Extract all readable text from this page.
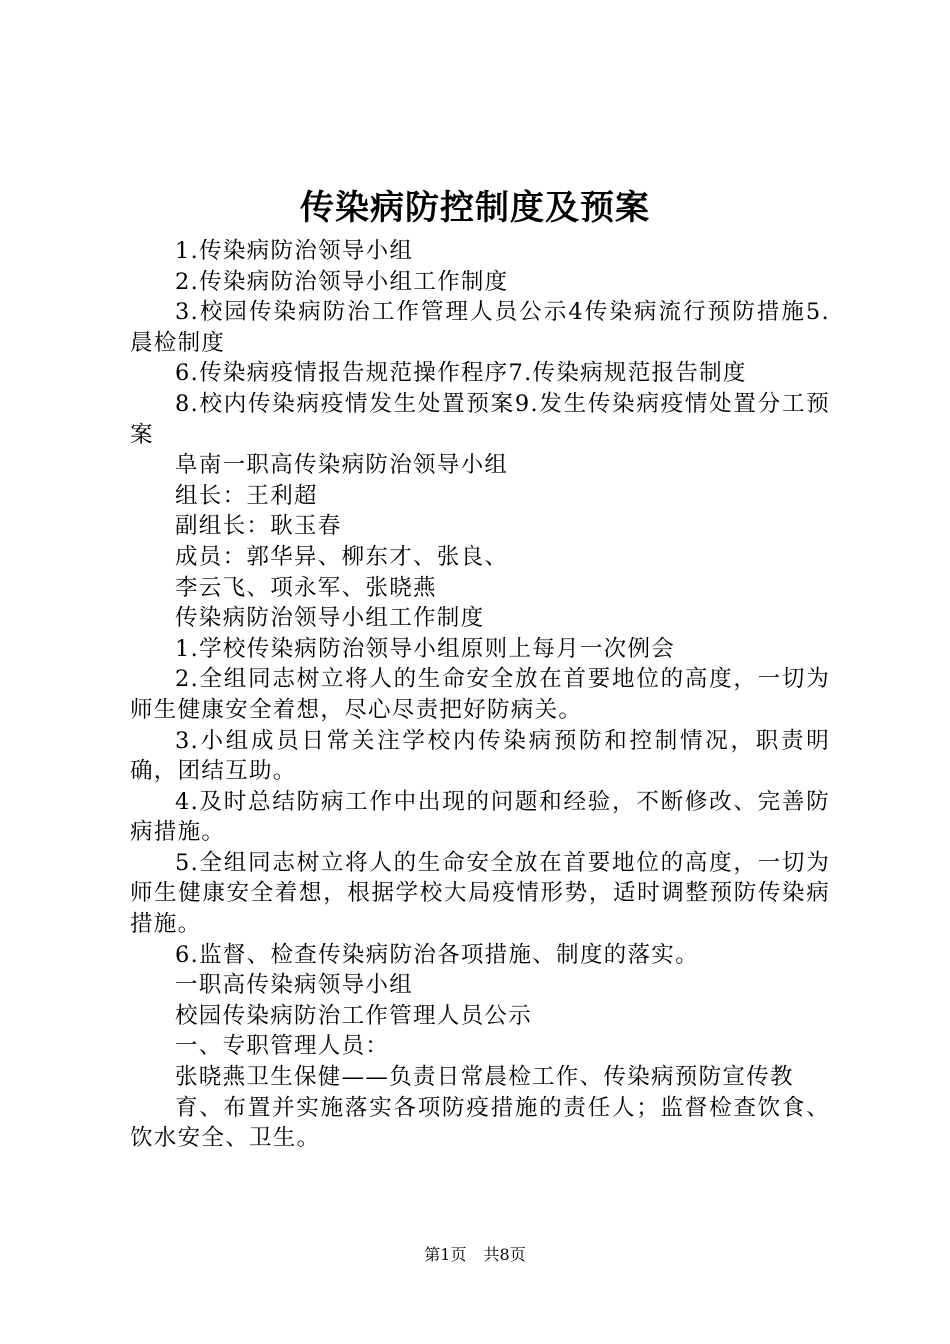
传染病防控制度及预案

1.传染病防治领导小组

2.传染病防治领导小组工作制度

3.校园传染病防治工作管理人员公示4传染病流行预防措施5.晨检制度

6.传染病疫情报告规范操作程序7.传染病规范报告制度

8.校内传染病疫情发生处置预案9.发生传染病疫情处置分工预案

阜南一职高传染病防治领导小组

组长：王利超

副组长：耿玉春

成员：郭华异、柳东才、张良、

李云飞、项永军、张晓燕

传染病防治领导小组工作制度

1.学校传染病防治领导小组原则上每月一次例会

2.全组同志树立将人的生命安全放在首要地位的高度，一切为师生健康安全着想，尽心尽责把好防病关。

3.小组成员日常关注学校内传染病预防和控制情况，职责明确，团结互助。

4.及时总结防病工作中出现的问题和经验，不断修改、完善防病措施。

5.全组同志树立将人的生命安全放在首要地位的高度，一切为师生健康安全着想，根据学校大局疫情形势，适时调整预防传染病措施。

6.监督、检查传染病防治各项措施、制度的落实。

一职高传染病领导小组

校园传染病防治工作管理人员公示

一、专职管理人员：

张晓燕卫生保健——负责日常晨检工作、传染病预防宣传教

育、布置并实施落实各项防疫措施的责任人；监督检查饮食、饮水安全、卫生。

第1页 共8页
